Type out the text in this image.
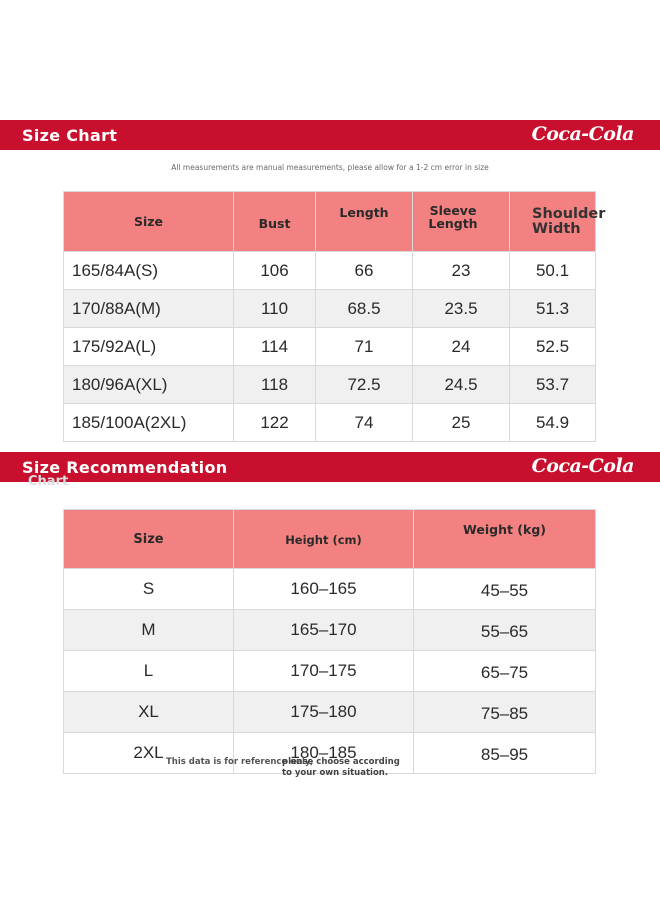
Size Chart	Coca-Cola
All measurements are manual measurements, please allow for a 1-2 cm error in size
Size	Bust	Length	Sleeve Length	Shoulder Width
165/84A(S)	106	66	23	50.1
170/88A(M)	110	68.5	23.5	51.3
175/92A(L)	114	71	24	52.5
180/96A(XL)	118	72.5	24.5	53.7
185/100A(2XL)	122	74	25	54.9
Size Recommendation	Coca-Cola
Chart
Size	Height (cm)	Weight (kg)
S	160–165	45–55
M	165–170	55–65
L	170–175	65–75
XL	175–180	75–85
2XL	180–185	85–95
This data is for reference only,
please choose according
to your own situation.
